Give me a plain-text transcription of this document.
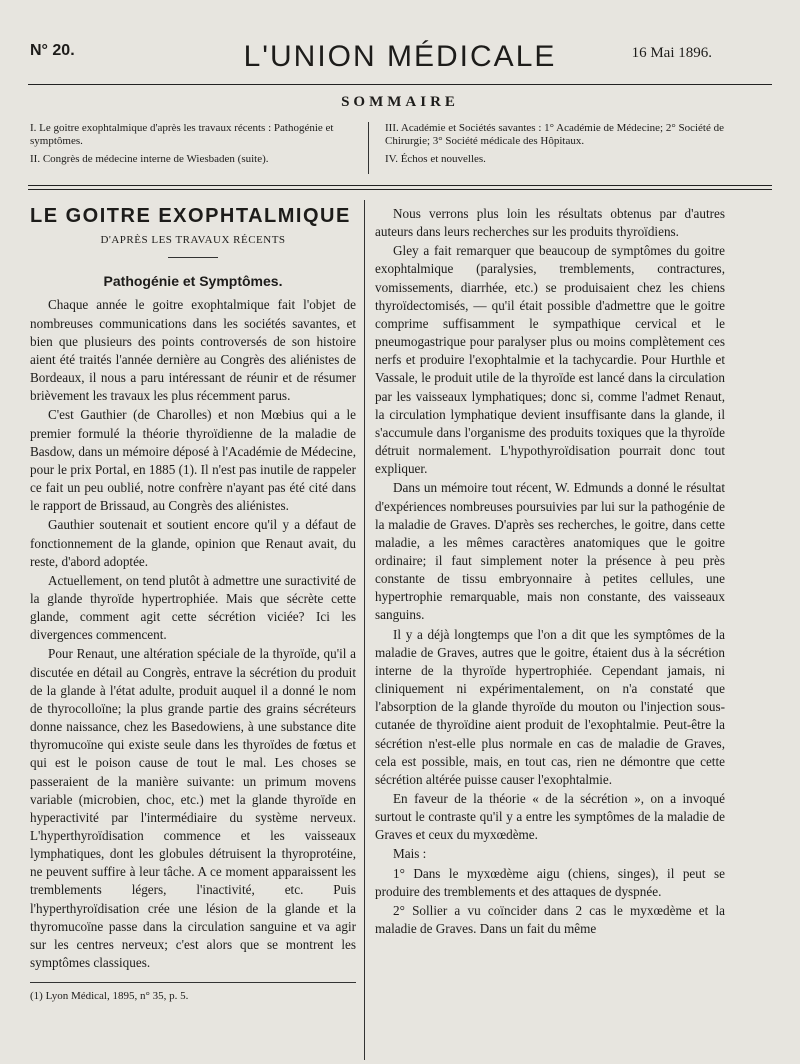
L'UNION MÉDICALE
N° 20.	16 Mai 1896.
SOMMAIRE

I. Le goitre exophtalmique d'après les travaux récents : Pathogénie et symptômes.

II. Congrès de médecine interne de Wiesbaden (suite).

III. Académie et Sociétés savantes : 1° Académie de Médecine; 2° Société de Chirurgie; 3° Société médicale des Hôpitaux.

IV. Échos et nouvelles.

LE GOITRE EXOPHTALMIQUE
D'APRÈS LES TRAVAUX RÉCENTS
Pathogénie et Symptômes.

Chaque année le goitre exophtalmique fait l'objet de nombreuses communications dans les sociétés savantes, et bien que plusieurs des points controversés de son histoire aient été traités l'année dernière au Congrès des aliénistes de Bordeaux, il nous a paru intéressant de réunir et de résumer brièvement les travaux les plus récemment parus.

C'est Gauthier (de Charolles) et non Mœbius qui a le premier formulé la théorie thyroïdienne de la maladie de Basdow, dans un mémoire déposé à l'Académie de Médecine, pour le prix Portal, en 1885 (1). Il n'est pas inutile de rappeler ce fait un peu oublié, notre confrère n'ayant pas été cité dans le rapport de Brissaud, au Congrès des aliénistes.

Gauthier soutenait et soutient encore qu'il y a défaut de fonctionnement de la glande, opinion que Renaut avait, du reste, d'abord adoptée.

Actuellement, on tend plutôt à admettre une suractivité de la glande thyroïde hypertrophiée. Mais que sécrète cette glande, comment agit cette sécrétion viciée? Ici les divergences commencent.

Pour Renaut, une altération spéciale de la thyroïde, qu'il a discutée en détail au Congrès, entrave la sécrétion du produit de la glande à l'état adulte, produit auquel il a donné le nom de thyrocolloïne; la plus grande partie des grains sécréteurs donne naissance, chez les Basedowiens, à une substance dite thyromucoïne qui existe seule dans les thyroïdes de fœtus et qui est le poison cause de tout le mal. Les choses se passeraient de la manière suivante: un primum movens variable (microbien, choc, etc.) met la glande thyroïde en hyperactivité par l'intermédiaire du système nerveux. L'hyperthyroïdisation commence et les vaisseaux lymphatiques, dont les globules détruisent la thyroprotéine, ne peuvent suffire à leur tâche. A ce moment apparaissent les tremblements légers, l'inactivité, etc. Puis l'hyperthyroïdisation crée une lésion de la glande et la thyromucoïne passe dans la circulation sanguine et va agir sur les centres nerveux; c'est alors que se montrent les symptômes classiques.

(1) Lyon Médical, 1895, n° 35, p. 5.

Nous verrons plus loin les résultats obtenus par d'autres auteurs dans leurs recherches sur les produits thyroïdiens.

Gley a fait remarquer que beaucoup de symptômes du goitre exophtalmique (paralysies, tremblements, contractures, vomissements, diarrhée, etc.) se produisaient chez les chiens thyroïdectomisés, — qu'il était possible d'admettre que le goitre comprime suffisamment le sympathique cervical et le pneumogastrique pour paralyser plus ou moins complètement ces nerfs et produire l'exophtalmie et la tachycardie. Pour Hurthle et Vassale, le produit utile de la thyroïde est lancé dans la circulation par les vaisseaux lymphatiques; donc si, comme l'admet Renaut, la circulation lymphatique devient insuffisante dans la glande, il s'accumule dans l'organisme des produits toxiques que la thyroïde détruit normalement. L'hypothyroïdisation pourrait donc tout expliquer.

Dans un mémoire tout récent, W. Edmunds a donné le résultat d'expériences nombreuses poursuivies par lui sur la pathogénie de la maladie de Graves. D'après ses recherches, le goitre, dans cette maladie, a les mêmes caractères anatomiques que le goitre ordinaire; il faut simplement noter la présence à peu près constante de tissu embryonnaire à petites cellules, une hypertrophie remarquable, mais non constante, des vaisseaux sanguins.

Il y a déjà longtemps que l'on a dit que les symptômes de la maladie de Graves, autres que le goitre, étaient dus à la sécrétion interne de la thyroïde hypertrophiée. Cependant jamais, ni cliniquement ni expérimentalement, on n'a constaté que l'absorption de la glande thyroïde du mouton ou l'injection sous-cutanée de thyroïdine aient produit de l'exophtalmie. Peut-être la sécrétion n'est-elle plus normale en cas de maladie de Graves, cela est possible, mais, en tout cas, rien ne démontre que cette sécrétion altérée puisse causer l'exophtalmie.

En faveur de la théorie « de la sécrétion », on a invoqué surtout le contraste qu'il y a entre les symptômes de la maladie de Graves et ceux du myxœdème.

Mais :

1° Dans le myxœdème aigu (chiens, singes), il peut se produire des tremblements et des attaques de dyspnée.

2° Sollier a vu coïncider dans 2 cas le myxœdème et la maladie de Graves. Dans un fait du même
